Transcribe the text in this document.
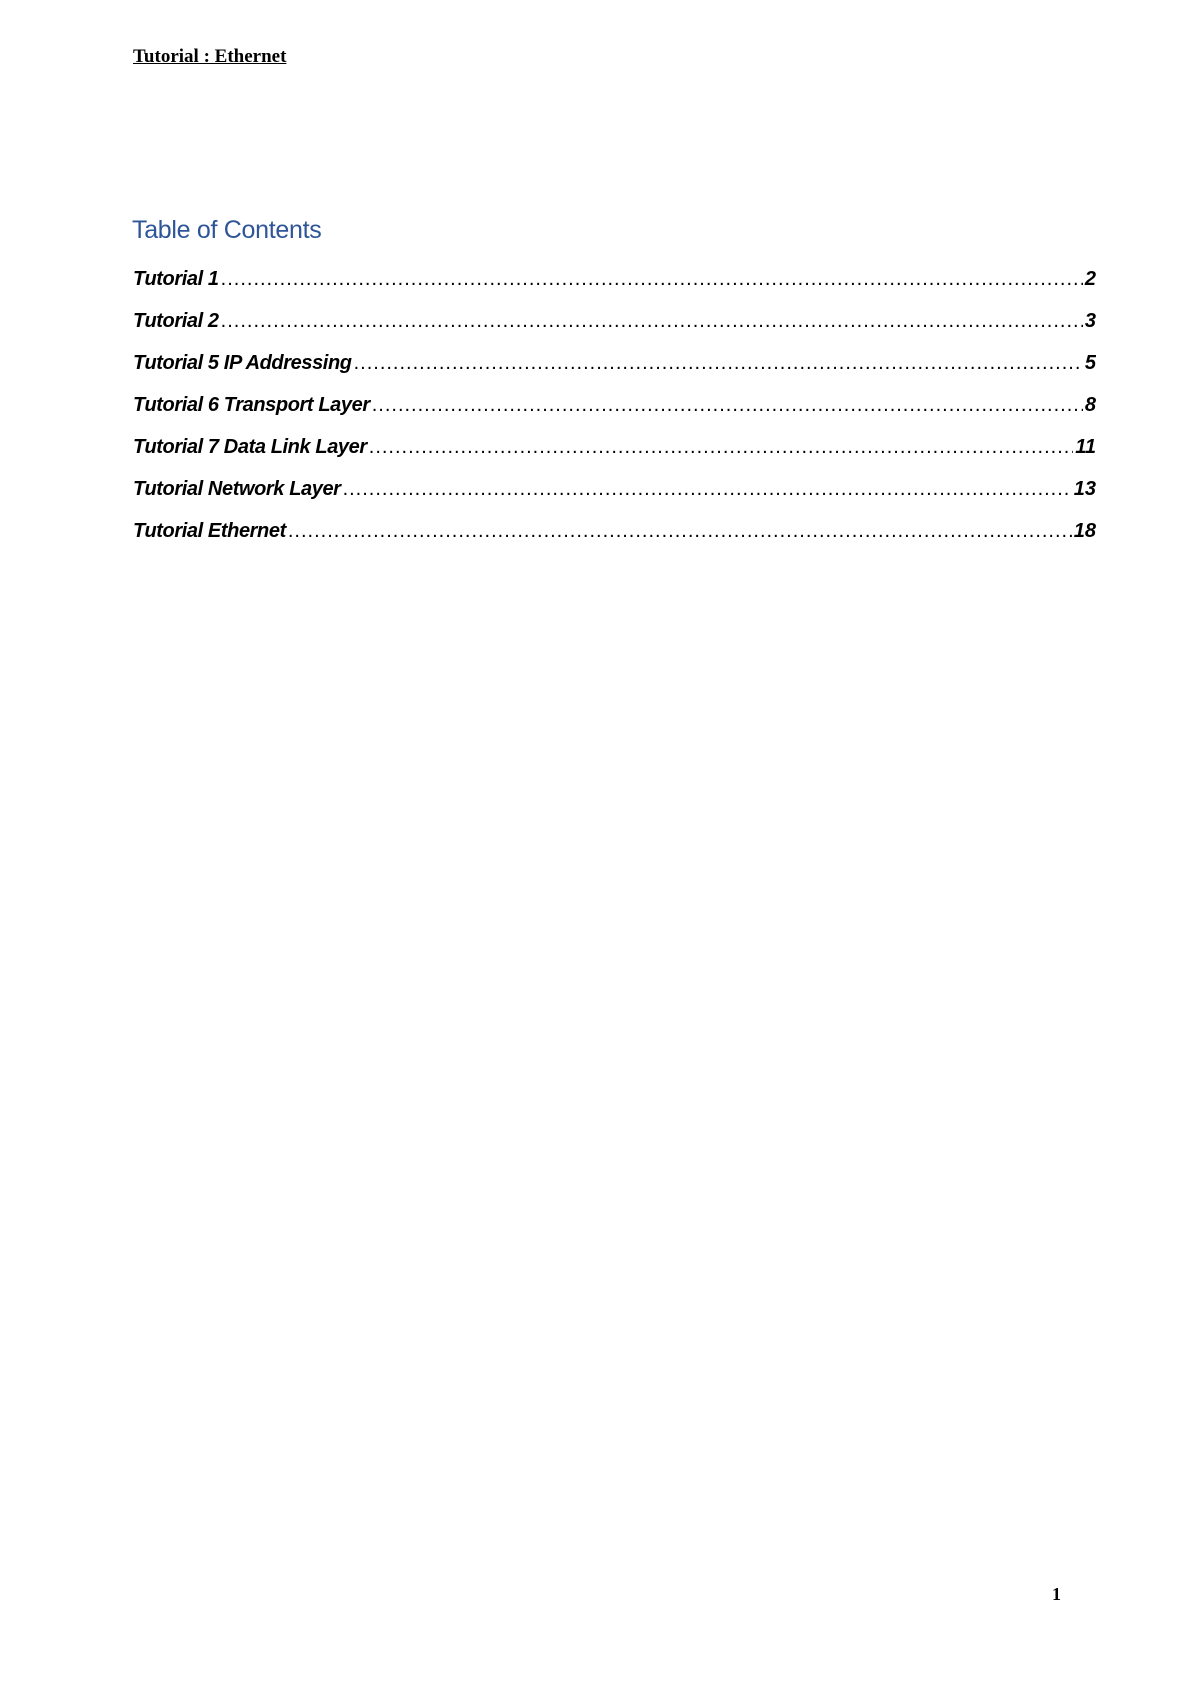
Tutorial : Ethernet
Table of Contents
Tutorial 1 .....	2
Tutorial 2 .....	3
Tutorial 5 IP Addressing .....	5
Tutorial 6 Transport Layer .....	8
Tutorial 7 Data Link Layer .....	11
Tutorial Network Layer .....	13
Tutorial Ethernet .....	18
1
